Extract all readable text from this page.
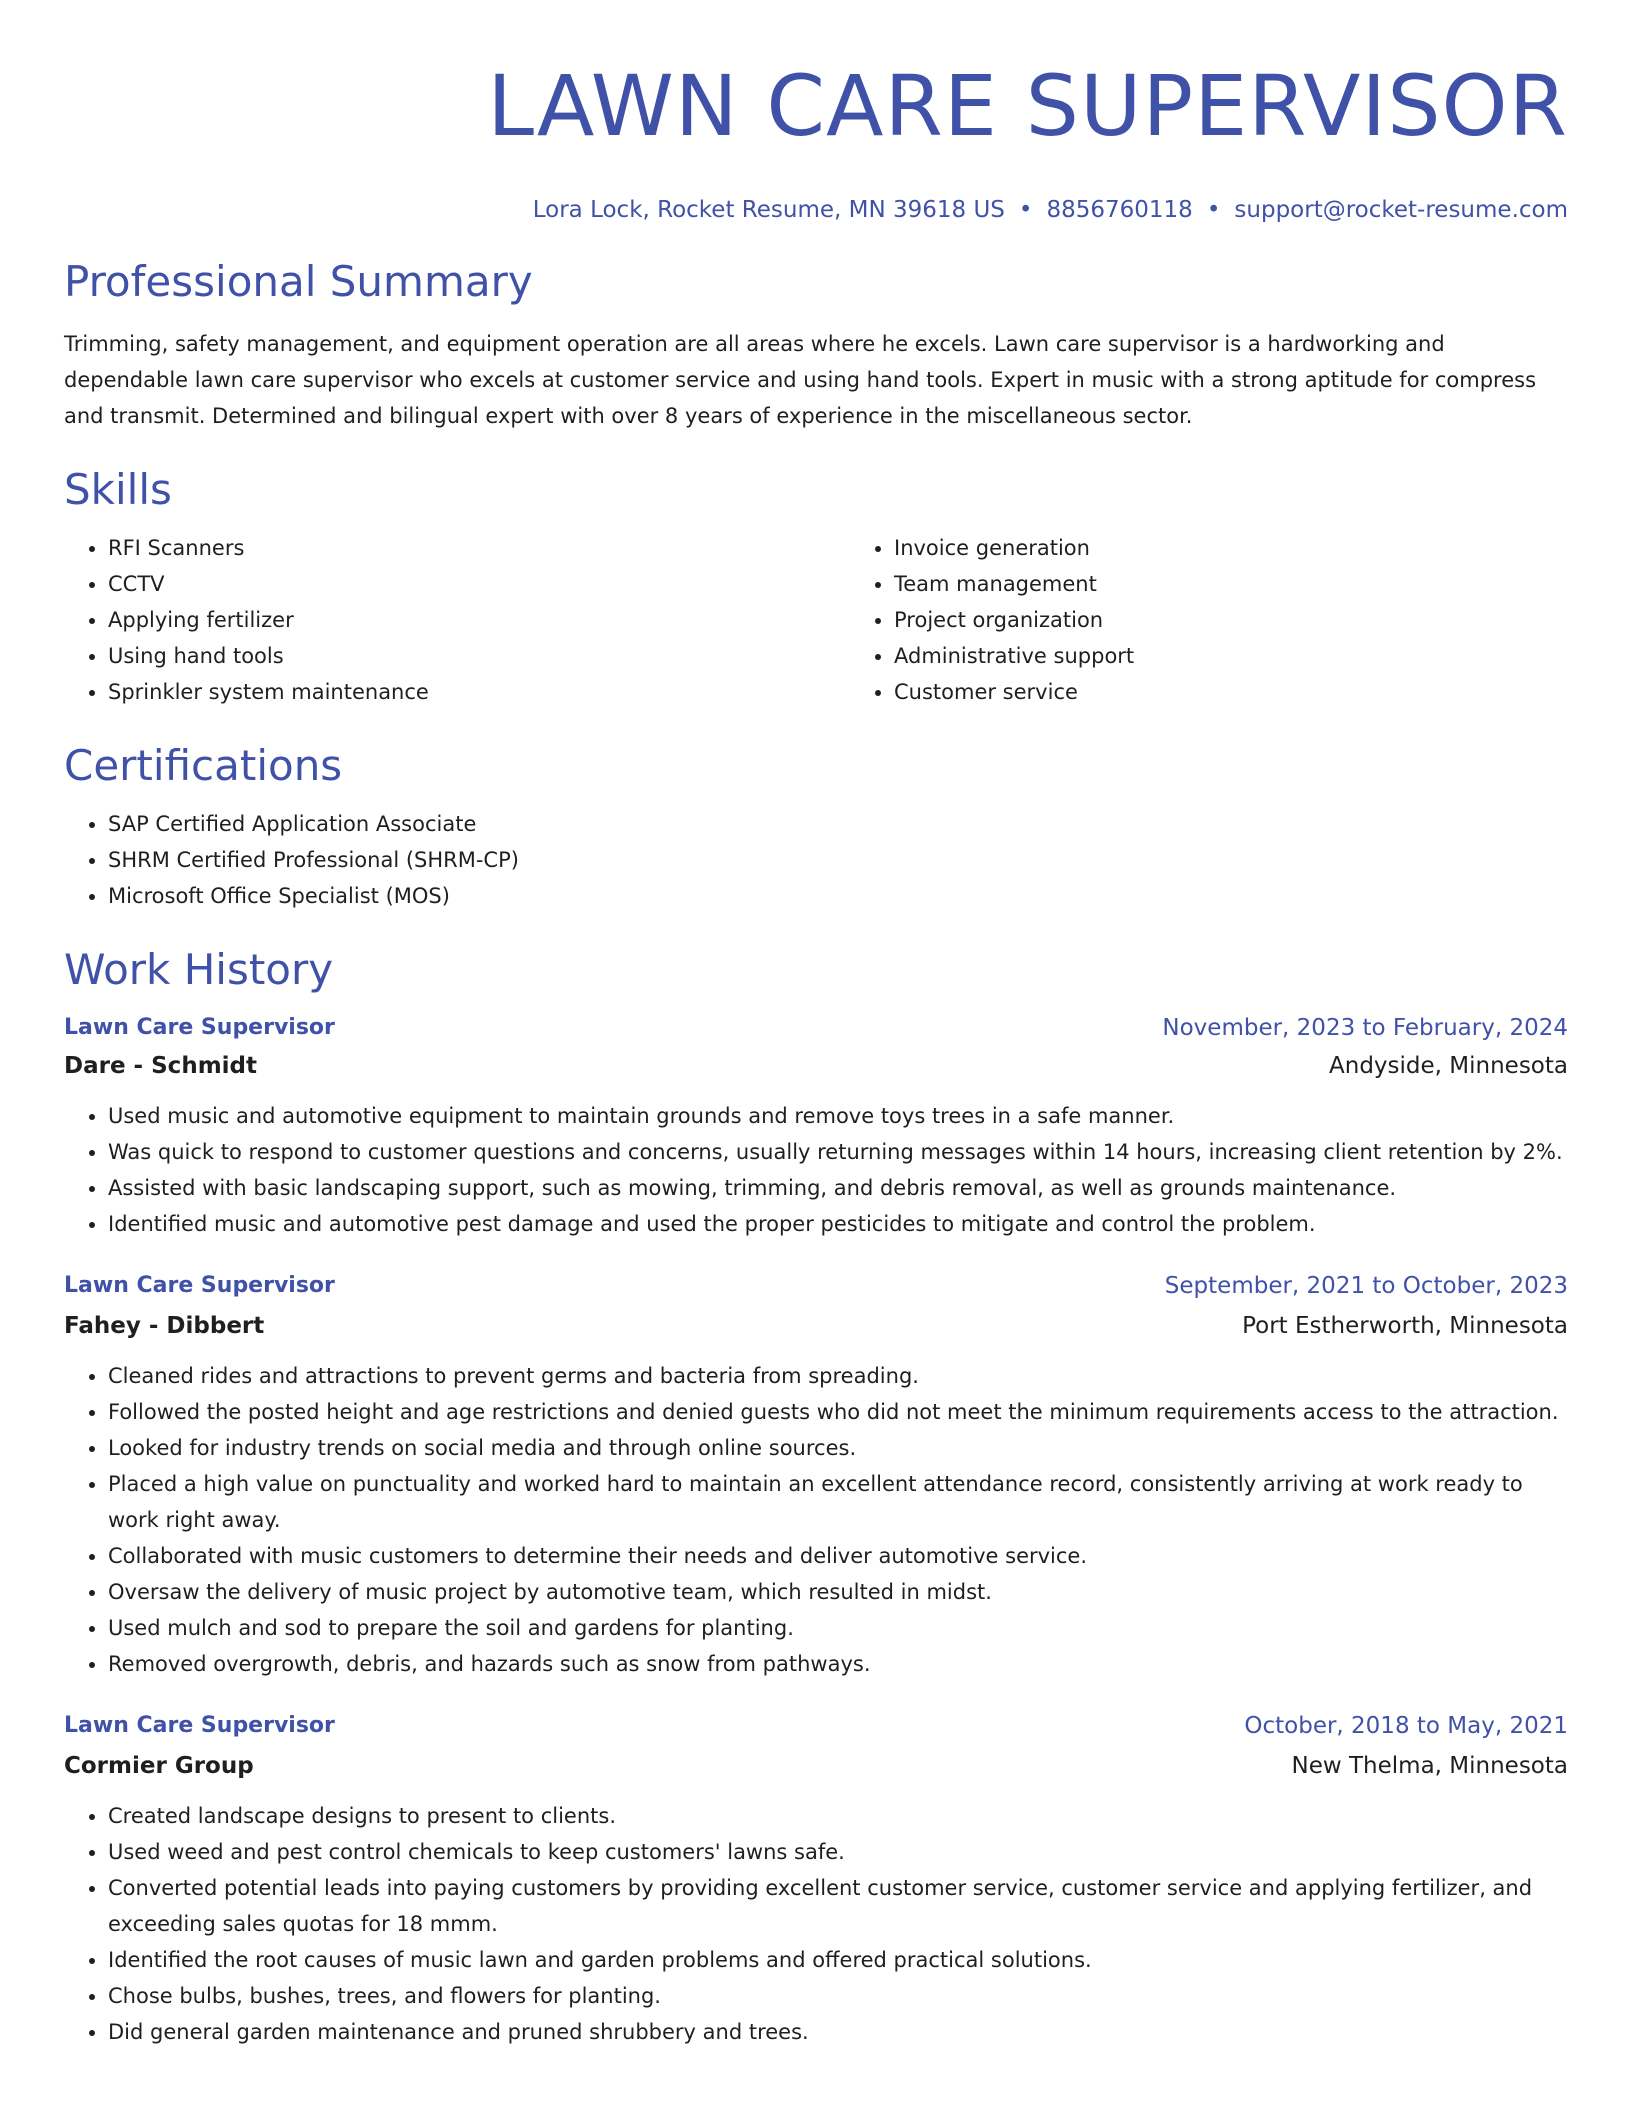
LAWN CARE SUPERVISOR
Lora Lock, Rocket Resume, MN 39618 US • 8856760118 • support@rocket-resume.com
Professional Summary

Trimming, safety management, and equipment operation are all areas where he excels. Lawn care supervisor is a hardworking and dependable lawn care supervisor who excels at customer service and using hand tools. Expert in music with a strong aptitude for compress and transmit. Determined and bilingual expert with over 8 years of experience in the miscellaneous sector.

Skills
• RFI Scanners
• CCTV
• Applying fertilizer
• Using hand tools
• Sprinkler system maintenance
• Invoice generation
• Team management
• Project organization
• Administrative support
• Customer service
Certifications
• SAP Certified Application Associate
• SHRM Certified Professional (SHRM-CP)
• Microsoft Office Specialist (MOS)
Work History
Lawn Care Supervisor	November, 2023 to February, 2024
Dare - Schmidt	Andyside, Minnesota
• Used music and automotive equipment to maintain grounds and remove toys trees in a safe manner.
• Was quick to respond to customer questions and concerns, usually returning messages within 14 hours, increasing client retention by 2%.
• Assisted with basic landscaping support, such as mowing, trimming, and debris removal, as well as grounds maintenance.
• Identified music and automotive pest damage and used the proper pesticides to mitigate and control the problem.
Lawn Care Supervisor	September, 2021 to October, 2023
Fahey - Dibbert	Port Estherworth, Minnesota
• Cleaned rides and attractions to prevent germs and bacteria from spreading.
• Followed the posted height and age restrictions and denied guests who did not meet the minimum requirements access to the attraction.
• Looked for industry trends on social media and through online sources.
• Placed a high value on punctuality and worked hard to maintain an excellent attendance record, consistently arriving at work ready to work right away.
• Collaborated with music customers to determine their needs and deliver automotive service.
• Oversaw the delivery of music project by automotive team, which resulted in midst.
• Used mulch and sod to prepare the soil and gardens for planting.
• Removed overgrowth, debris, and hazards such as snow from pathways.
Lawn Care Supervisor	October, 2018 to May, 2021
Cormier Group	New Thelma, Minnesota
• Created landscape designs to present to clients.
• Used weed and pest control chemicals to keep customers' lawns safe.
• Converted potential leads into paying customers by providing excellent customer service, customer service and applying fertilizer, and exceeding sales quotas for 18 mmm.
• Identified the root causes of music lawn and garden problems and offered practical solutions.
• Chose bulbs, bushes, trees, and flowers for planting.
• Did general garden maintenance and pruned shrubbery and trees.
